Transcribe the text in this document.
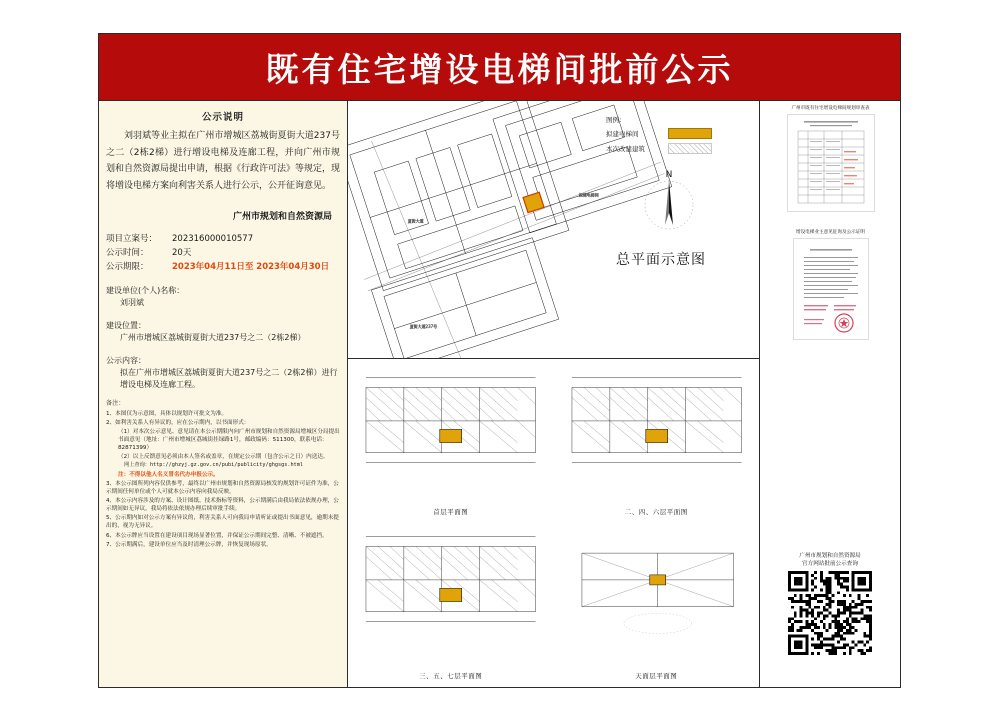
既有住宅增设电梯间批前公示
公示说明
刘羽斌等业主拟在广州市增城区荔城街夏街大道237号之二（2栋2梯）进行增设电梯及连廊工程，并向广州市规划和自然资源局提出申请，根据《行政许可法》等规定，现将增设电梯方案向利害关系人进行公示，公开征询意见。
广州市规划和自然资源局
项目立案号：	202316000010577
公示时间：	20天
公示期限：	2023年04月11日至 2023年04月30日
建设单位(个人)名称：
刘羽斌
建设位置：
广州市增城区荔城街夏街大道237号之二（2栋2梯）
公示内容：
拟在广州市增城区荔城街夏街大道237号之二（2栋2梯）进行增设电梯及连廊工程。

备注：

1、本图仅为示意图，具体以规划许可批文为准。

2、如利害关系人有异议的，应在公示期内，以书面形式：

（1）对本次公示意见、意见请在本公示期限内向广州市规划和自然资源局增城区分局提出书面意见（地址：广州市增城区荔城街挂绿路1号，邮政编码：511300，联系电话：82871399）

（2）以上反馈意见必须由本人签名或盖章，在规定公示期（包含公示之日）内送达。

网上查询：http://ghzyj.gz.gov.cn/pubi/publicity/ghgsgs.html

注：不得以他人名义冒名代办申报公示。

3、本公示图所列内容仅供参考，最终以广州市规划和自然资源局核发的规划许可证件为准，公示期间任何单位或个人可就本公示内容向我局反映。

4、本公示内容涉及的方案、设计图纸、技术指标等资料，公示期满后由我局依法依规办理，公示期间如无异议，我局将依法依规办理后续审批手续。

5、公示期内如对公示方案有异议的，利害关系人可向我局申请听证或提出书面意见，逾期未提出的，视为无异议。

6、本公示牌应当设置在建设项目现场显著位置，并保证公示期间完整、清晰、不被遮挡。

7、公示期满后，建设单位应当及时清理公示牌，并恢复现场原状。

夏街大道
夏街大道237号
拟建电梯间
图例：
拟建电梯间
本次改建建筑
N
总平面示意图
首层平面图	二、四、六层平面图
三、五、七层平面图	天面层平面图
广州市既有住宅增设电梯间规划审查表
增设电梯业主意见征询及公示证明
广州市规划和自然资源局
官方网站批前公示查询
